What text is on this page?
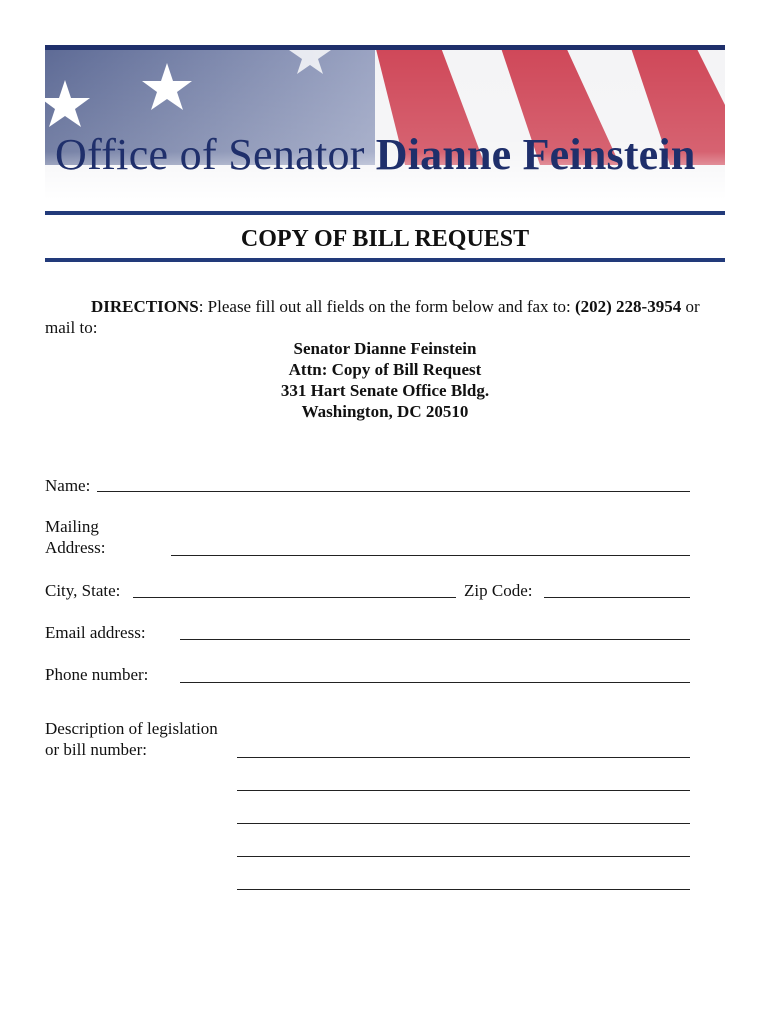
Office of Senator Dianne Feinstein
COPY OF BILL REQUEST
DIRECTIONS: Please fill out all fields on the form below and fax to: (202) 228-3954 or mail to:
Senator Dianne Feinstein
Attn: Copy of Bill Request
331 Hart Senate Office Bldg.
Washington, DC 20510
Name:
Mailing
Address:
City, State:	Zip Code:
Email address:
Phone number:
Description of legislation
or bill number:
